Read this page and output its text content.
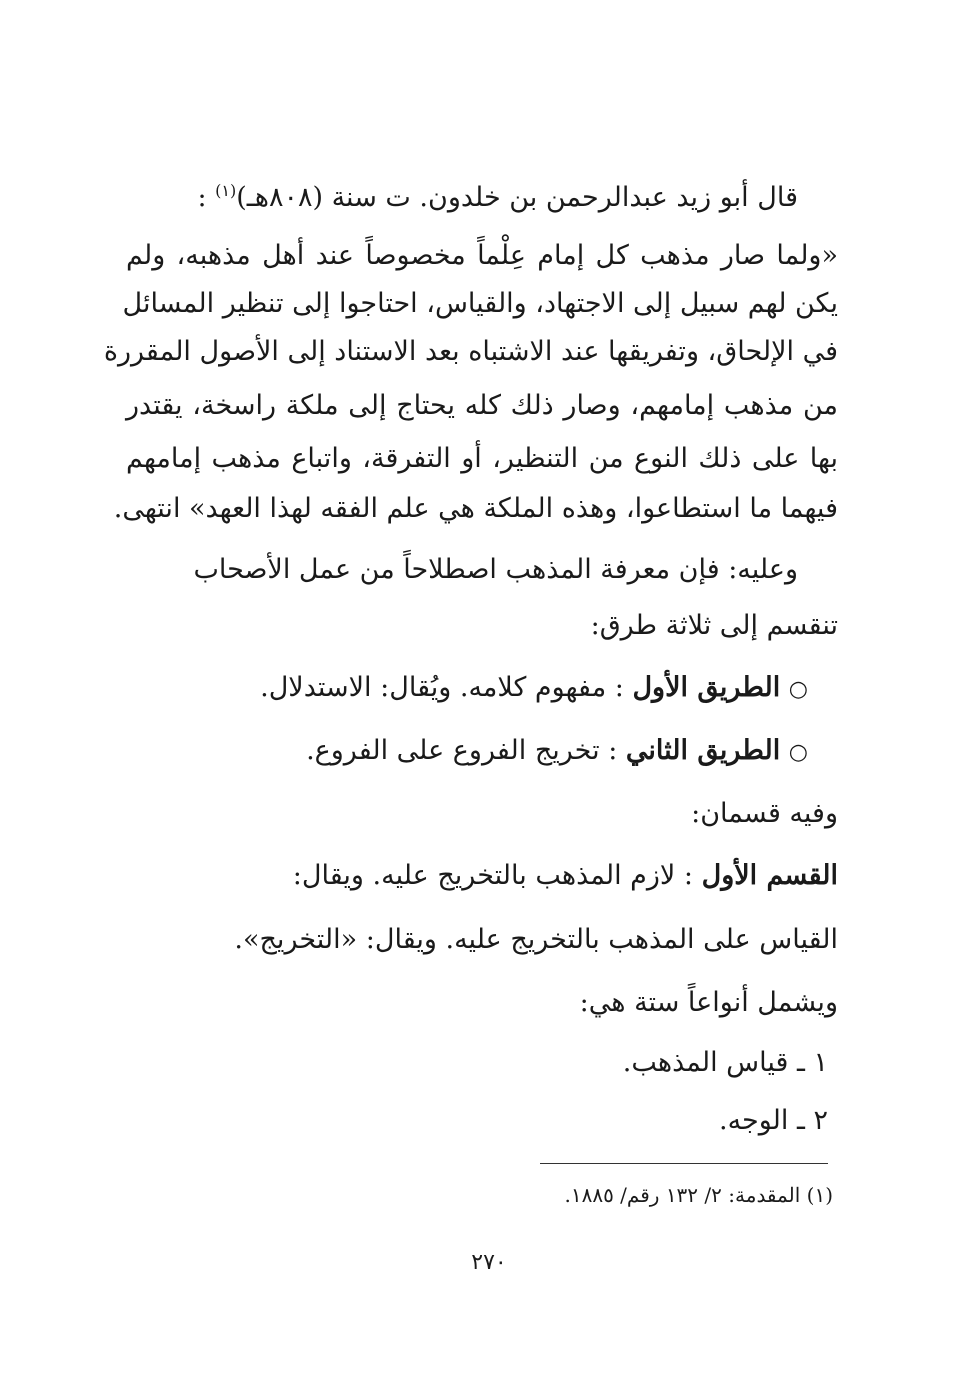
قال أبو زيد عبدالرحمن بن خلدون. ت سنة (٨٠٨هـ)$^{(١)}$ :
«ولما صار مذهب كل إمام عِلْماً مخصوصاً عند أهل مذهبه، ولم
يكن لهم سبيل إلى الاجتهاد، والقياس، احتاجوا إلى تنظير المسائل
في الإلحاق، وتفريقها عند الاشتباه بعد الاستناد إلى الأصول المقررة
من مذهب إمامهم، وصار ذلك كله يحتاج إلى ملكة راسخة، يقتدر
بها على ذلك النوع من التنظير، أو التفرقة، واتباع مذهب إمامهم
فيهما ما استطاعوا، وهذه الملكة هي علم الفقه لهذا العهد» انتهى.
وعليه: فإن معرفة المذهب اصطلاحاً من عمل الأصحاب
تنقسم إلى ثلاثة طرق:
○ الطريق الأول : مفهوم كلامه. ويُقال: الاستدلال.
○ الطريق الثاني : تخريج الفروع على الفروع.
وفيه قسمان:
القسم الأول : لازم المذهب بالتخريج عليه. ويقال:
القياس على المذهب بالتخريج عليه. ويقال: «التخريج».
ويشمل أنواعاً ستة هي:
١ ـ قياس المذهب.
٢ ـ الوجه.
(١) المقدمة: ٢/ ١٣٢ رقم/ ١٨٨٥.
٢٧٠
